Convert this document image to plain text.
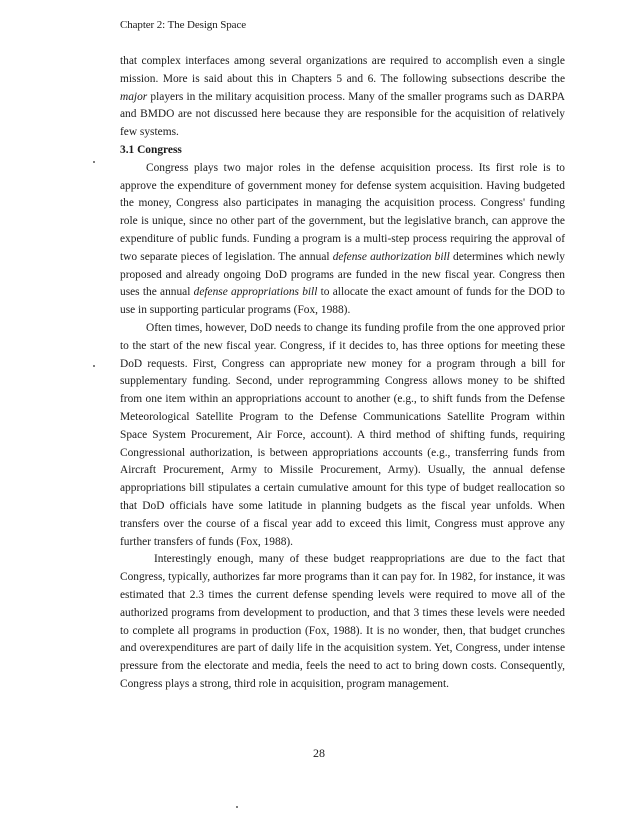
Chapter 2: The Design Space

that complex interfaces among several organizations are required to accomplish even a single mission. More is said about this in Chapters 5 and 6. The following subsections describe the major players in the military acquisition process. Many of the smaller programs such as DARPA and BMDO are not discussed here because they are responsible for the acquisition of relatively few systems.

3.1 Congress

Congress plays two major roles in the defense acquisition process. Its first role is to approve the expenditure of government money for defense system acquisition. Having budgeted the money, Congress also participates in managing the acquisition process. Congress' funding role is unique, since no other part of the government, but the legislative branch, can approve the expenditure of public funds. Funding a program is a multi-step process requiring the approval of two separate pieces of legislation. The annual defense authorization bill determines which newly proposed and already ongoing DoD programs are funded in the new fiscal year. Congress then uses the annual defense appropriations bill to allocate the exact amount of funds for the DOD to use in supporting particular programs (Fox, 1988).

Often times, however, DoD needs to change its funding profile from the one approved prior to the start of the new fiscal year. Congress, if it decides to, has three options for meeting these DoD requests. First, Congress can appropriate new money for a program through a bill for supplementary funding. Second, under reprogramming Congress allows money to be shifted from one item within an appropriations account to another (e.g., to shift funds from the Defense Meteorological Satellite Program to the Defense Communications Satellite Program within Space System Procurement, Air Force, account). A third method of shifting funds, requiring Congressional authorization, is between appropriations accounts (e.g., transferring funds from Aircraft Procurement, Army to Missile Procurement, Army). Usually, the annual defense appropriations bill stipulates a certain cumulative amount for this type of budget reallocation so that DoD officials have some latitude in planning budgets as the fiscal year unfolds. When transfers over the course of a fiscal year add to exceed this limit, Congress must approve any further transfers of funds (Fox, 1988).

Interestingly enough, many of these budget reappropriations are due to the fact that Congress, typically, authorizes far more programs than it can pay for. In 1982, for instance, it was estimated that 2.3 times the current defense spending levels were required to move all of the authorized programs from development to production, and that 3 times these levels were needed to complete all programs in production (Fox, 1988). It is no wonder, then, that budget crunches and overexpenditures are part of daily life in the acquisition system. Yet, Congress, under intense pressure from the electorate and media, feels the need to act to bring down costs. Consequently, Congress plays a strong, third role in acquisition, program management.

28
